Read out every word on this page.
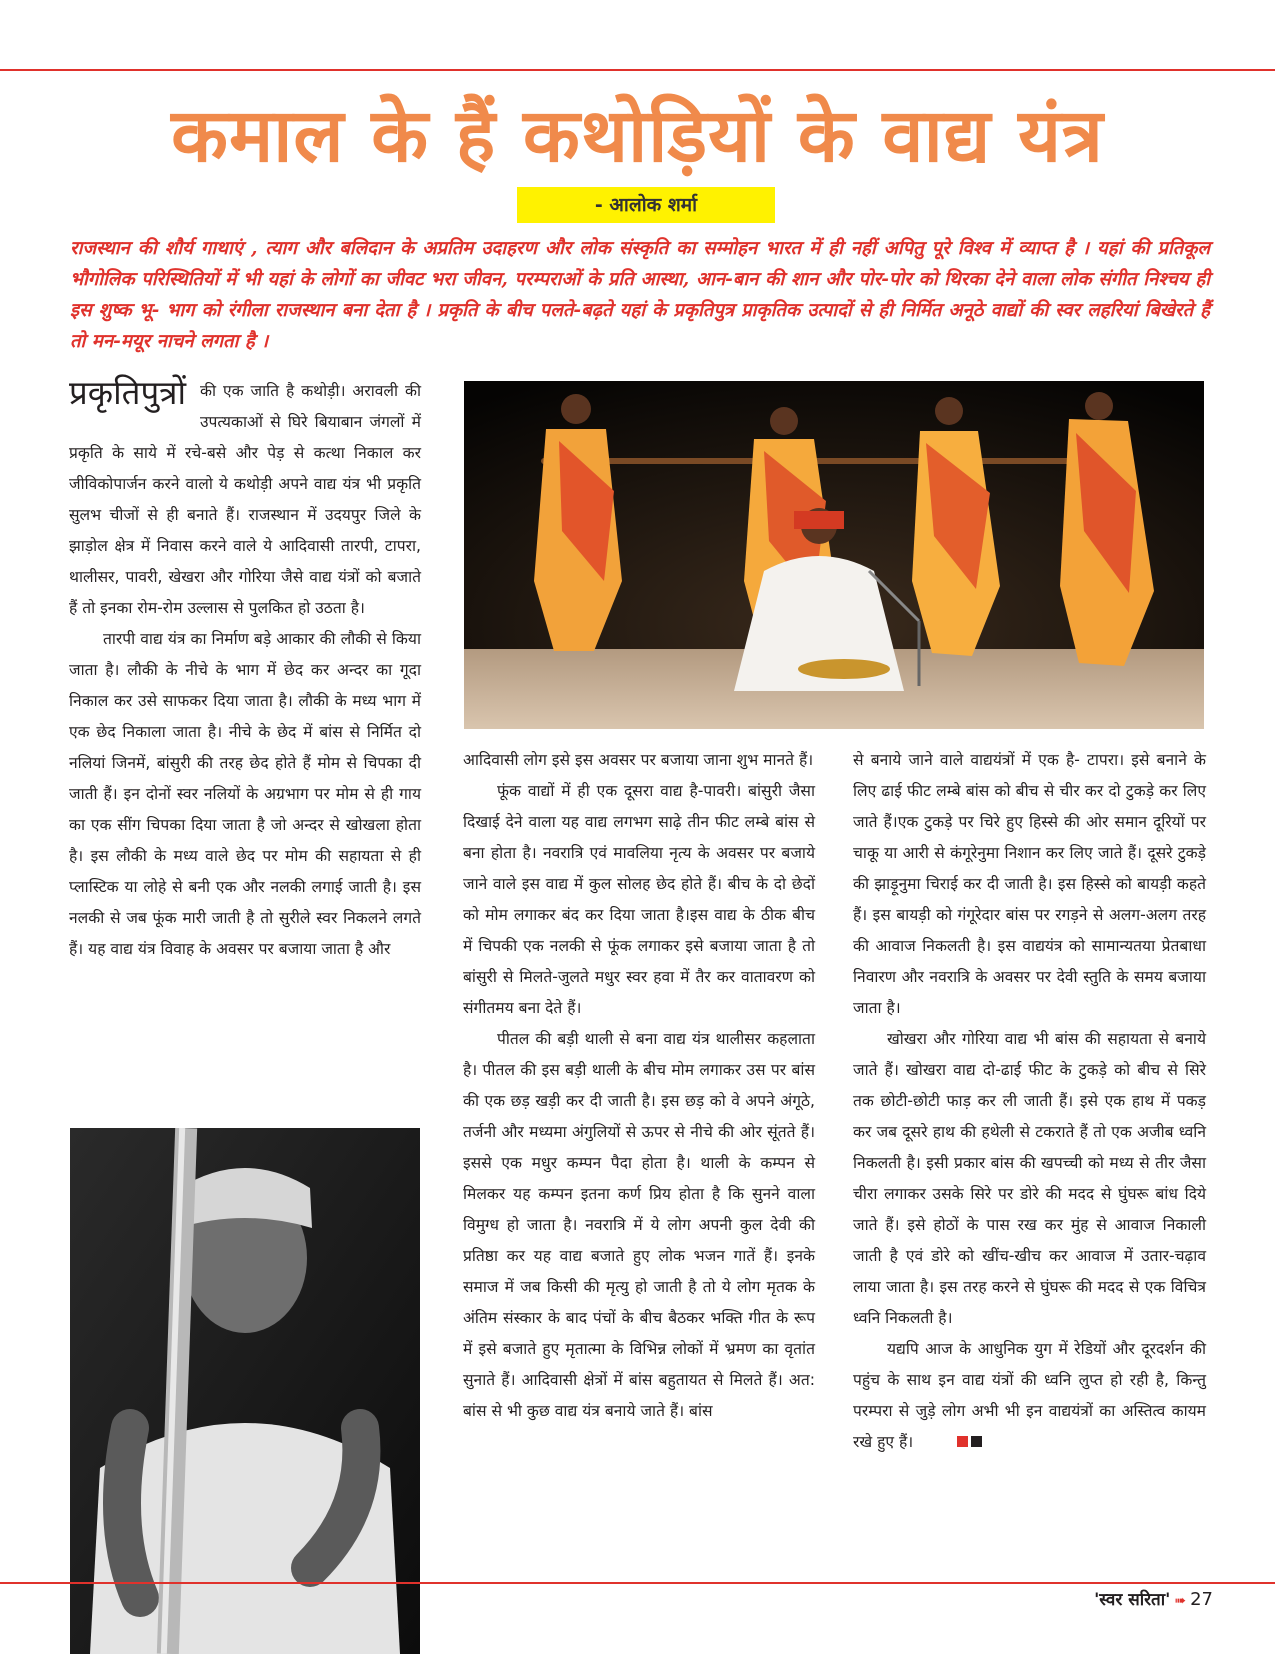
कमाल के हैं कथोड़ियों के वाद्य यंत्र
- आलोक शर्मा
राजस्थान की शौर्य गाथाएं , त्याग और बलिदान के अप्रतिम उदाहरण और लोक संस्कृति का सम्मोहन भारत में ही नहीं अपितु पूरे विश्व में व्याप्त है । यहां की प्रतिकूल भौगोलिक परिस्थितियों में भी यहां के लोगों का जीवट भरा जीवन, परम्पराओं के प्रति आस्था, आन-बान की शान और पोर-पोर को थिरका देने वाला लोक संगीत निश्चय ही इस शुष्क भू- भाग को रंगीला राजस्थान बना देता है । प्रकृति के बीच पलते-बढ़ते यहां के प्रकृतिपुत्र प्राकृतिक उत्पादों से ही निर्मित अनूठे वाद्यों की स्वर लहरियां बिखेरते हैं तो मन-मयूर नाचने लगता है ।

प्रकृतिपुत्रों की एक जाति है कथोड़ी। अरावली की उपत्यकाओं से घिरे बियाबान जंगलों में प्रकृति के साये में रचे-बसे और पेड़ से कत्था निकाल कर जीविकोपार्जन करने वालो ये कथोड़ी अपने वाद्य यंत्र भी प्रकृति सुलभ चीजों से ही बनाते हैं। राजस्थान में उदयपुर जिले के झाड़ोल क्षेत्र में निवास करने वाले ये आदिवासी तारपी, टापरा, थालीसर, पावरी, खेखरा और गोरिया जैसे वाद्य यंत्रों को बजाते हैं तो इनका रोम-रोम उल्लास से पुलकित हो उठता है।

तारपी वाद्य यंत्र का निर्माण बड़े आकार की लौकी से किया जाता है। लौकी के नीचे के भाग में छेद कर अन्दर का गूदा निकाल कर उसे साफकर दिया जाता है। लौकी के मध्य भाग में एक छेद निकाला जाता है। नीचे के छेद में बांस से निर्मित दो नलियां जिनमें, बांसुरी की तरह छेद होते हैं मोम से चिपका दी जाती हैं। इन दोनों स्वर नलियों के अग्रभाग पर मोम से ही गाय का एक सींग चिपका दिया जाता है जो अन्दर से खोखला होता है। इस लौकी के मध्य वाले छेद पर मोम की सहायता से ही प्लास्टिक या लोहे से बनी एक और नलकी लगाई जाती है। इस नलकी से जब फूंक मारी जाती है तो सुरीले स्वर निकलने लगते हैं। यह वाद्य यंत्र विवाह के अवसर पर बजाया जाता है और

आदिवासी लोग इसे इस अवसर पर बजाया जाना शुभ मानते हैं।

फूंक वाद्यों में ही एक दूसरा वाद्य है-पावरी। बांसुरी जैसा दिखाई देने वाला यह वाद्य लगभग साढ़े तीन फीट लम्बे बांस से बना होता है। नवरात्रि एवं मावलिया नृत्य के अवसर पर बजाये जाने वाले इस वाद्य में कुल सोलह छेद होते हैं। बीच के दो छेदों को मोम लगाकर बंद कर दिया जाता है।इस वाद्य के ठीक बीच में चिपकी एक नलकी से फूंक लगाकर इसे बजाया जाता है तो बांसुरी से मिलते-जुलते मधुर स्वर हवा में तैर कर वातावरण को संगीतमय बना देते हैं।

पीतल की बड़ी थाली से बना वाद्य यंत्र थालीसर कहलाता है। पीतल की इस बड़ी थाली के बीच मोम लगाकर उस पर बांस की एक छड़ खड़ी कर दी जाती है। इस छड़ को वे अपने अंगूठे, तर्जनी और मध्यमा अंगुलियों से ऊपर से नीचे की ओर सूंतते हैं। इससे एक मधुर कम्पन पैदा होता है। थाली के कम्पन से मिलकर यह कम्पन इतना कर्ण प्रिय होता है कि सुनने वाला विमुग्ध हो जाता है। नवरात्रि में ये लोग अपनी कुल देवी की प्रतिष्ठा कर यह वाद्य बजाते हुए लोक भजन गातें हैं। इनके समाज में जब किसी की मृत्यु हो जाती है तो ये लोग मृतक के अंतिम संस्कार के बाद पंचों के बीच बैठकर भक्ति गीत के रूप में इसे बजाते हुए मृतात्मा के विभिन्न लोकों में भ्रमण का वृतांत सुनाते हैं। आदिवासी क्षेत्रों में बांस बहुतायत से मिलते हैं। अत: बांस से भी कुछ वाद्य यंत्र बनाये जाते हैं। बांस

से बनाये जाने वाले वाद्ययंत्रों में एक है- टापरा। इसे बनाने के लिए ढाई फीट लम्बे बांस को बीच से चीर कर दो टुकड़े कर लिए जाते हैं।एक टुकड़े पर चिरे हुए हिस्से की ओर समान दूरियों पर चाकू या आरी से कंगूरेनुमा निशान कर लिए जाते हैं। दूसरे टुकड़े की झाड़ूनुमा चिराई कर दी जाती है। इस हिस्से को बायड़ी कहते हैं। इस बायड़ी को गंगूरेदार बांस पर रगड़ने से अलग-अलग तरह की आवाज निकलती है। इस वाद्ययंत्र को सामान्यतया प्रेतबाधा निवारण और नवरात्रि के अवसर पर देवी स्तुति के समय बजाया जाता है।

खोखरा और गोरिया वाद्य भी बांस की सहायता से बनाये जाते हैं। खोखरा वाद्य दो-ढाई फीट के टुकड़े को बीच से सिरे तक छोटी-छोटी फाड़ कर ली जाती हैं। इसे एक हाथ में पकड़ कर जब दूसरे हाथ की हथेली से टकराते हैं तो एक अजीब ध्वनि निकलती है। इसी प्रकार बांस की खपच्ची को मध्य से तीर जैसा चीरा लगाकर उसके सिरे पर डोरे की मदद से घुंघरू बांध दिये जाते हैं। इसे होठों के पास रख कर मुंह से आवाज निकाली जाती है एवं डोरे को खींच-खीच कर आवाज में उतार-चढ़ाव लाया जाता है। इस तरह करने से घुंघरू की मदद से एक विचित्र ध्वनि निकलती है।

यद्यपि आज के आधुनिक युग में रेडियों और दूरदर्शन की पहुंच के साथ इन वाद्य यंत्रों की ध्वनि लुप्त हो रही है, किन्तु परम्परा से जुड़े लोग अभी भी इन वाद्ययंत्रों का अस्तित्व कायम रखे हुए हैं।

'स्वर सरिता' ➠ 27
